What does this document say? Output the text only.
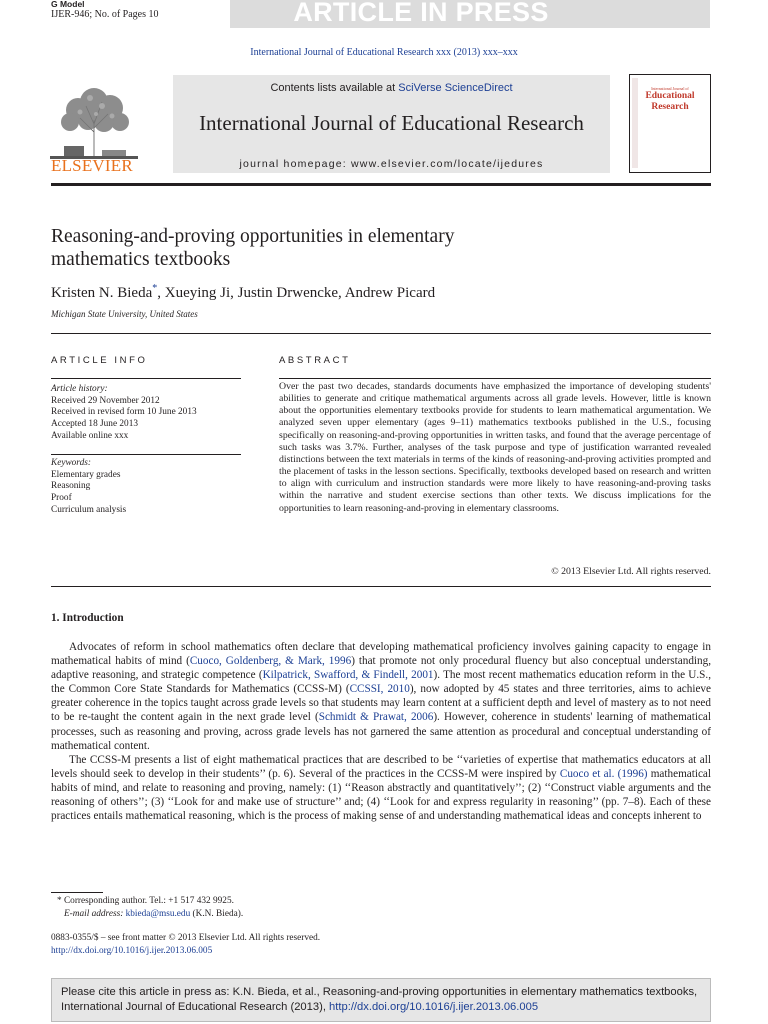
ARTICLE IN PRESS
G Model
IJER-946; No. of Pages 10
International Journal of Educational Research xxx (2013) xxx–xxx
Contents lists available at SciVerse ScienceDirect
International Journal of Educational Research
journal homepage: www.elsevier.com/locate/ijedures
ELSEVIER
International Journal of
Educational
Research
Reasoning-and-proving opportunities in elementary
mathematics textbooks
Kristen N. Bieda*, Xueying Ji, Justin Drwencke, Andrew Picard
Michigan State University, United States
ARTICLE INFO	ABSTRACT
Article history:
Received 29 November 2012
Received in revised form 10 June 2013
Accepted 18 June 2013
Available online xxx
Keywords:
Elementary grades
Reasoning
Proof
Curriculum analysis
Over the past two decades, standards documents have emphasized the importance of developing students' abilities to generate and critique mathematical arguments across all grade levels. However, little is known about the opportunities elementary textbooks provide for students to learn mathematical argumentation. We analyzed seven upper elementary (ages 9–11) mathematics textbooks published in the U.S., focusing specifically on reasoning-and-proving opportunities in written tasks, and found that the average percentage of such tasks was 3.7%. Further, analyses of the task purpose and type of justification warranted revealed distinctions between the text materials in terms of the kinds of reasoning-and-proving activities prompted and the placement of tasks in the lesson sections. Specifically, textbooks developed based on research and written to align with curriculum and instruction standards were more likely to have reasoning-and-proving tasks within the narrative and student exercise sections than other texts. We discuss implications for the opportunities to learn reasoning-and-proving in elementary classrooms.
© 2013 Elsevier Ltd. All rights reserved.
1. Introduction

Advocates of reform in school mathematics often declare that developing mathematical proficiency involves gaining capacity to engage in mathematical habits of mind (Cuoco, Goldenberg, & Mark, 1996) that promote not only procedural fluency but also conceptual understanding, adaptive reasoning, and strategic competence (Kilpatrick, Swafford, & Findell, 2001). The most recent mathematics education reform in the U.S., the Common Core State Standards for Mathematics (CCSS-M) (CCSSI, 2010), now adopted by 45 states and three territories, aims to achieve greater coherence in the topics taught across grade levels so that students may learn content at a sufficient depth and level of mastery as to not need to be re-taught the content again in the next grade level (Schmidt & Prawat, 2006). However, coherence in students' learning of mathematical processes, such as reasoning and proving, across grade levels has not garnered the same attention as procedural and conceptual understanding of mathematical content.

The CCSS-M presents a list of eight mathematical practices that are described to be ‘‘varieties of expertise that mathematics educators at all levels should seek to develop in their students’’ (p. 6). Several of the practices in the CCSS-M were inspired by Cuoco et al. (1996) mathematical habits of mind, and relate to reasoning and proving, namely: (1) ‘‘Reason abstractly and quantitatively’’; (2) ‘‘Construct viable arguments and the reasoning of others’’; (3) ‘‘Look for and make use of structure’’ and; (4) ‘‘Look for and express regularity in reasoning’’ (pp. 7–8). Each of these practices entails mathematical reasoning, which is the process of making sense of and understanding mathematical ideas and concepts inherent to

* Corresponding author. Tel.: +1 517 432 9925.
E-mail address: kbieda@msu.edu (K.N. Bieda).
0883-0355/$ – see front matter © 2013 Elsevier Ltd. All rights reserved.
http://dx.doi.org/10.1016/j.ijer.2013.06.005
Please cite this article in press as: K.N. Bieda, et al., Reasoning-and-proving opportunities in elementary mathematics textbooks, International Journal of Educational Research (2013), http://dx.doi.org/10.1016/j.ijer.2013.06.005
